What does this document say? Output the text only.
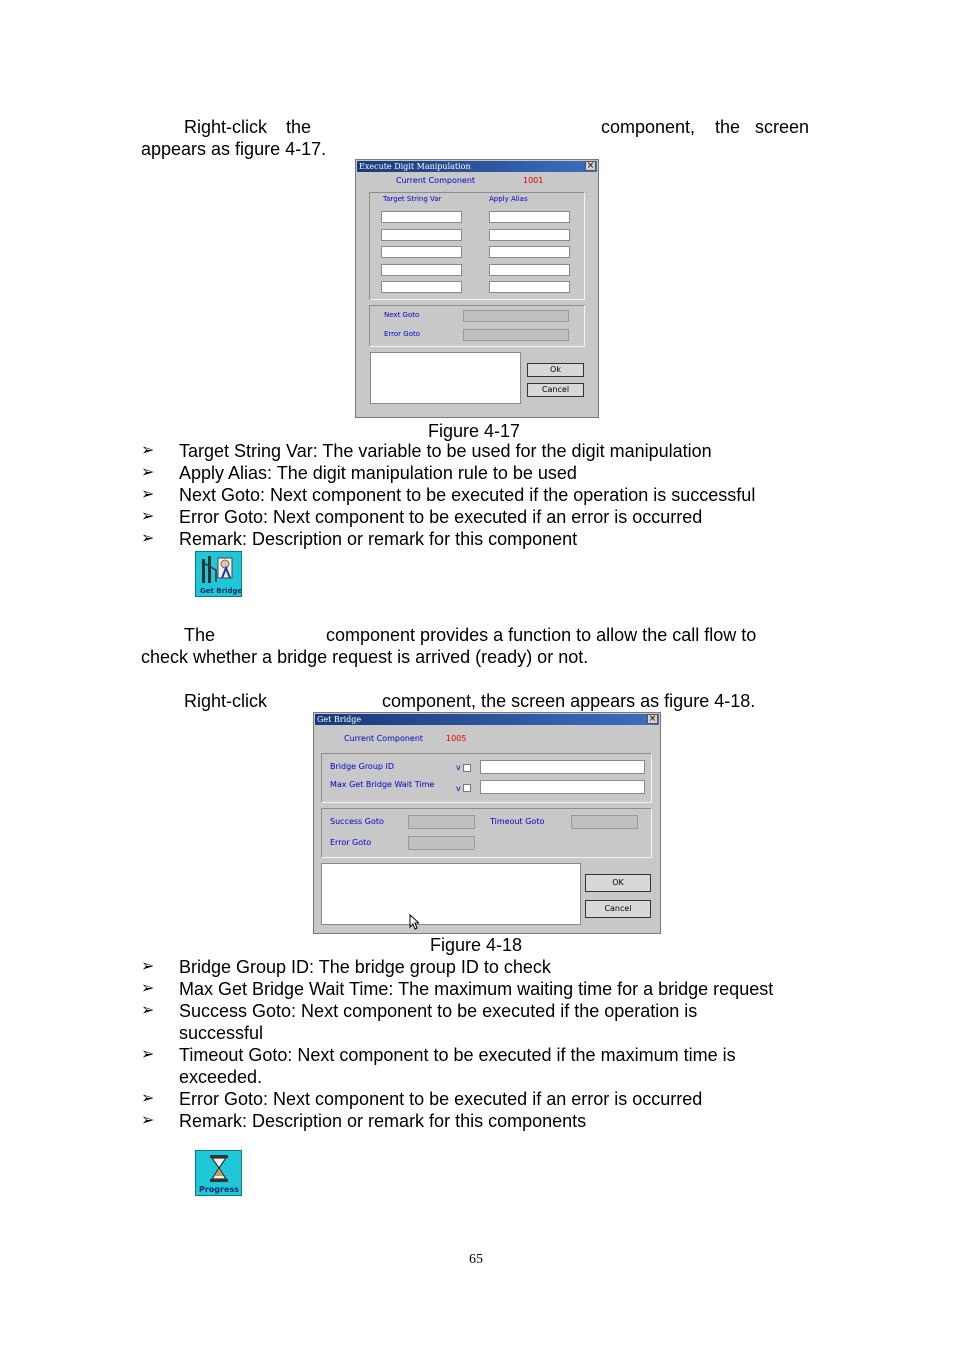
Right-click the	component, the screen
appears as figure 4-17.
Execute Digit Manipulation	×
Current Component	1001
Target String Var	Apply Alias
Next Goto
Error Goto
Ok
Cancel
Figure 4-17
➢ Target String Var: The variable to be used for the digit manipulation
➢ Apply Alias: The digit manipulation rule to be used
➢ Next Goto: Next component to be executed if the operation is successful
➢ Error Goto: Next component to be executed if an error is occurred
➢ Remark: Description or remark for this component
Get Bridge
The	component provides a function to allow the call flow to
check whether a bridge request is arrived (ready) or not.
Right-click	component, the screen appears as figure 4-18.
Get Bridge	×
Current Component	1005
Bridge Group ID	v
Max Get Bridge Wait Time	v
Success Goto	Timeout Goto
Error Goto
OK
Cancel
Figure 4-18
➢ Bridge Group ID: The bridge group ID to check
➢ Max Get Bridge Wait Time: The maximum waiting time for a bridge request
➢ Success Goto: Next component to be executed if the operation is
successful
➢ Timeout Goto: Next component to be executed if the maximum time is
exceeded.
➢ Error Goto: Next component to be executed if an error is occurred
➢ Remark: Description or remark for this components
Progress
65
